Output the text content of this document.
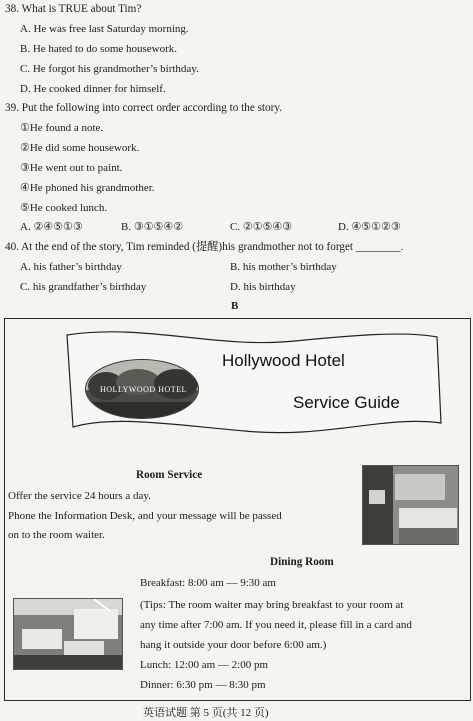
38. What is TRUE about Tim?
A. He was free last Saturday morning.
B. He hated to do some housework.
C. He forgot his grandmother’s birthday.
D. He cooked dinner for himself.
39. Put the following into correct order according to the story.
①He found a note.
②He did some housework.
③He went out to paint.
④He phoned his grandmother.
⑤He cooked lunch.
A. ②④⑤①③	B. ③①⑤④②	C. ②①⑤④③	D. ④⑤①②③
40. At the end of the story, Tim reminded (提醒)his grandmother not to forget ________.
A. his father’s birthday	B. his mother’s birthday
C. his grandfather’s birthday	D. his birthday
B
HOLLYWOOD HOTEL
Hollywood Hotel
Service Guide
Room Service
Offer the service 24 hours a day.
Phone the Information Desk, and your message will be passed
on to the room waiter.
Dining Room
Breakfast: 8:00 am — 9:30 am
(Tips: The room waiter may bring breakfast to your room at
any time after 7:00 am. If you need it, please fill in a card and
hang it outside your door before 6:00 am.)
Lunch: 12:00 am — 2:00 pm
Dinner: 6:30 pm — 8:30 pm
英语试题 第 5 页(共 12 页)
